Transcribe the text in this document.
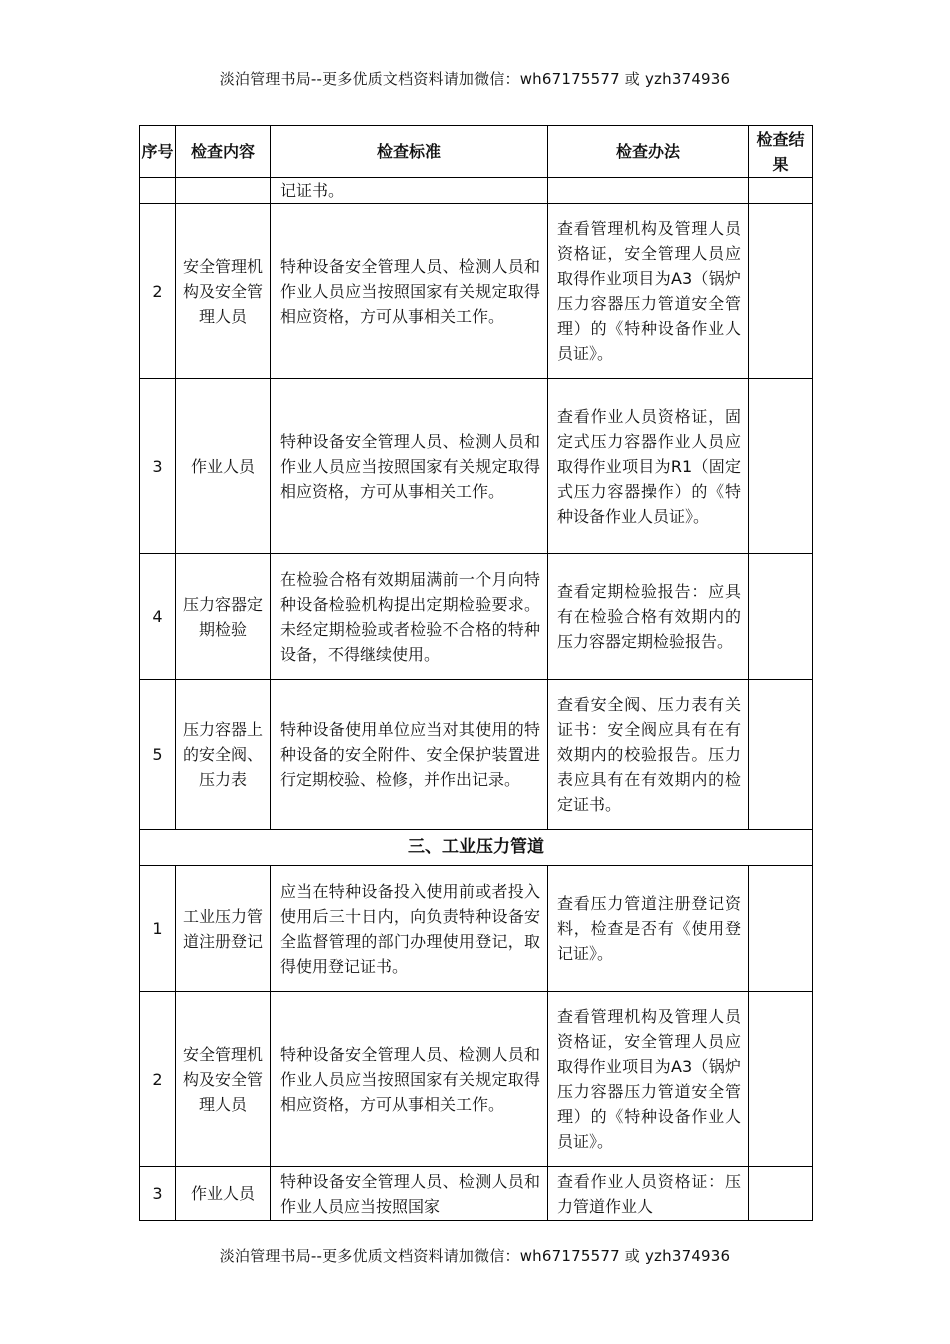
淡泊管理书局--更多优质文档资料请加微信：wh67175577 或 yzh374936
序号	检查内容	检查标准	检查办法	检查结果
		记证书。		
2	安全管理机构及安全管理人员	特种设备安全管理人员、检测人员和作业人员应当按照国家有关规定取得相应资格，方可从事相关工作。	查看管理机构及管理人员资格证，安全管理人员应取得作业项目为A3（锅炉压力容器压力管道安全管理）的《特种设备作业人员证》。	
3	作业人员	特种设备安全管理人员、检测人员和作业人员应当按照国家有关规定取得相应资格，方可从事相关工作。	查看作业人员资格证，固定式压力容器作业人员应取得作业项目为R1（固定式压力容器操作）的《特种设备作业人员证》。	
4	压力容器定期检验	在检验合格有效期届满前一个月向特种设备检验机构提出定期检验要求。未经定期检验或者检验不合格的特种设备，不得继续使用。	查看定期检验报告：应具有在检验合格有效期内的压力容器定期检验报告。	
5	压力容器上的安全阀、压力表	特种设备使用单位应当对其使用的特种设备的安全附件、安全保护装置进行定期校验、检修，并作出记录。	查看安全阀、压力表有关证书：安全阀应具有在有效期内的校验报告。压力表应具有在有效期内的检定证书。	
三、工业压力管道				
1	工业压力管道注册登记	应当在特种设备投入使用前或者投入使用后三十日内，向负责特种设备安全监督管理的部门办理使用登记，取得使用登记证书。	查看压力管道注册登记资料，检查是否有《使用登记证》。	
2	安全管理机构及安全管理人员	特种设备安全管理人员、检测人员和作业人员应当按照国家有关规定取得相应资格，方可从事相关工作。	查看管理机构及管理人员资格证，安全管理人员应取得作业项目为A3（锅炉压力容器压力管道安全管理）的《特种设备作业人员证》。	
3	作业人员	特种设备安全管理人员、检测人员和作业人员应当按照国家	查看作业人员资格证：压力管道作业人	
淡泊管理书局--更多优质文档资料请加微信：wh67175577 或 yzh374936
